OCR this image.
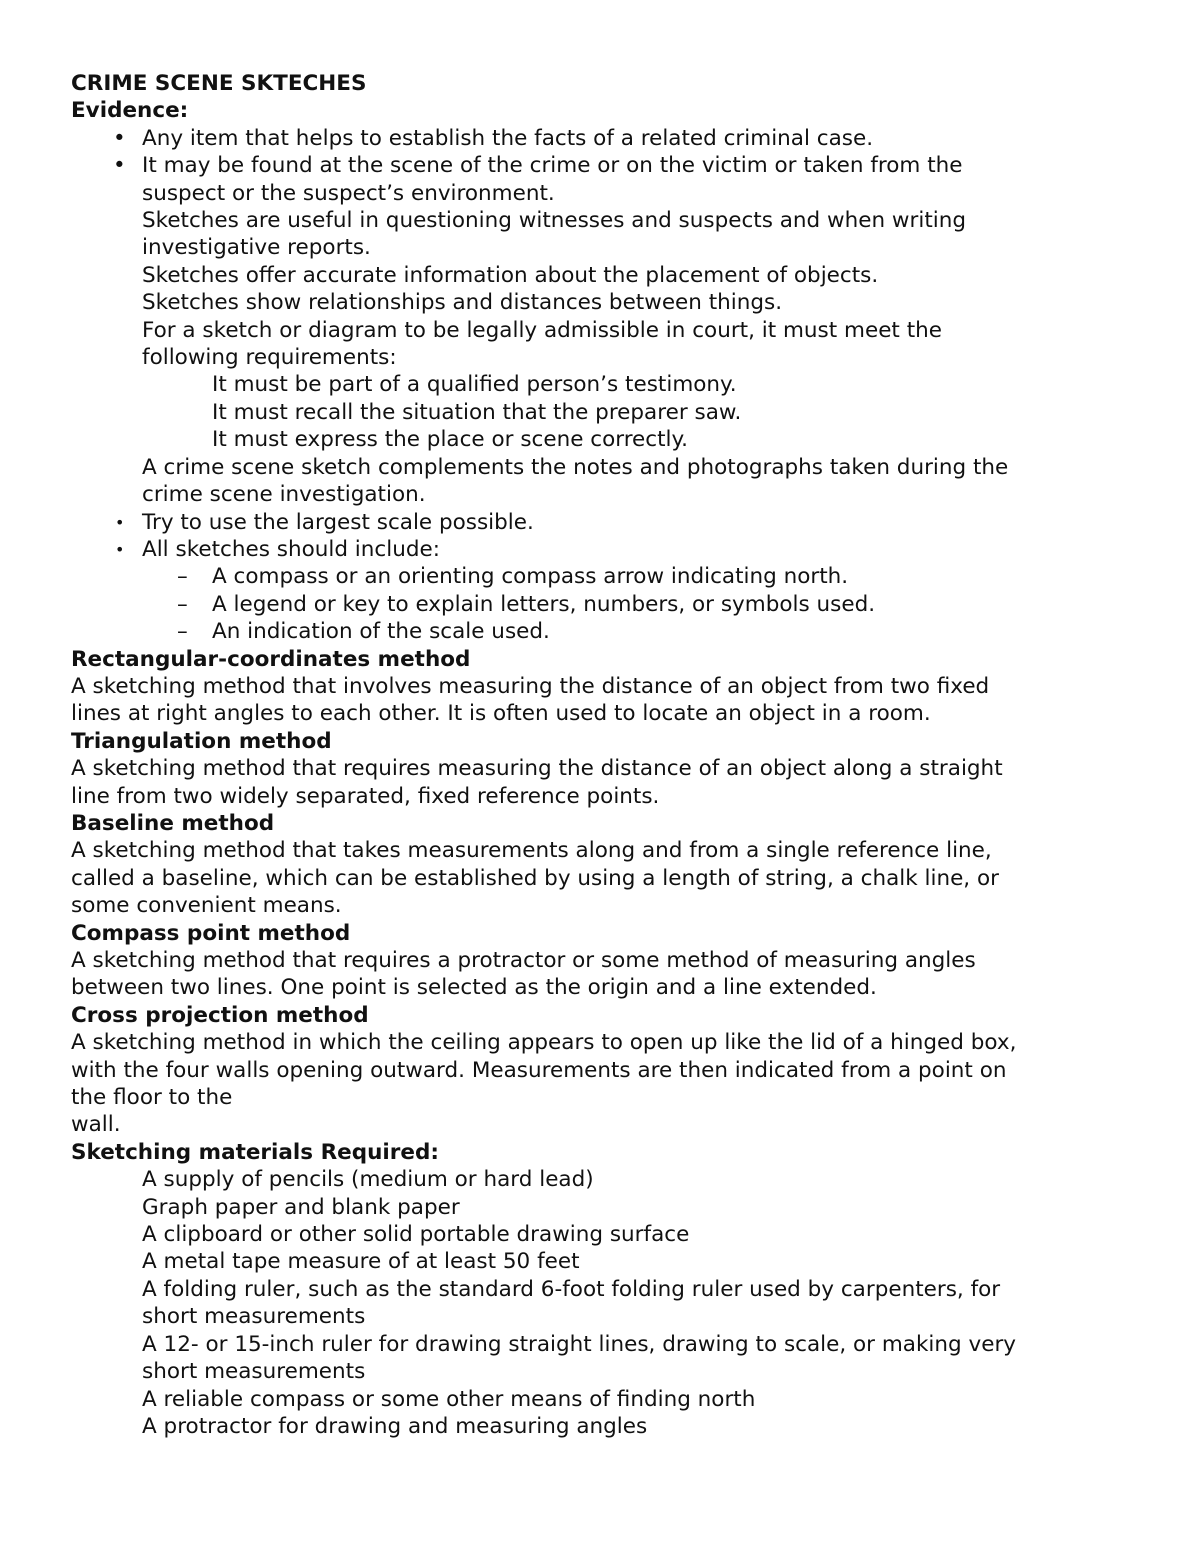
CRIME SCENE SKTECHES
Evidence:
• Any item that helps to establish the facts of a related criminal case.
• It may be found at the scene of the crime or on the victim or taken from the
suspect or the suspect’s environment.
Sketches are useful in questioning witnesses and suspects and when writing
investigative reports.
Sketches offer accurate information about the placement of objects.
Sketches show relationships and distances between things.
For a sketch or diagram to be legally admissible in court, it must meet the
following requirements:
It must be part of a qualified person’s testimony.
It must recall the situation that the preparer saw.
It must express the place or scene correctly.
A crime scene sketch complements the notes and photographs taken during the
crime scene investigation.
• Try to use the largest scale possible.
• All sketches should include:
– A compass or an orienting compass arrow indicating north.
– A legend or key to explain letters, numbers, or symbols used.
– An indication of the scale used.
Rectangular-coordinates method
A sketching method that involves measuring the distance of an object from two fixed
lines at right angles to each other. It is often used to locate an object in a room.
Triangulation method
A sketching method that requires measuring the distance of an object along a straight
line from two widely separated, fixed reference points.
Baseline method
A sketching method that takes measurements along and from a single reference line,
called a baseline, which can be established by using a length of string, a chalk line, or
some convenient means.
Compass point method
A sketching method that requires a protractor or some method of measuring angles
between two lines. One point is selected as the origin and a line extended.
Cross projection method
A sketching method in which the ceiling appears to open up like the lid of a hinged box,
with the four walls opening outward. Measurements are then indicated from a point on
the floor to the
wall.
Sketching materials Required:
A supply of pencils (medium or hard lead)
Graph paper and blank paper
A clipboard or other solid portable drawing surface
A metal tape measure of at least 50 feet
A folding ruler, such as the standard 6-foot folding ruler used by carpenters, for
short measurements
A 12- or 15-inch ruler for drawing straight lines, drawing to scale, or making very
short measurements
A reliable compass or some other means of finding north
A protractor for drawing and measuring angles
